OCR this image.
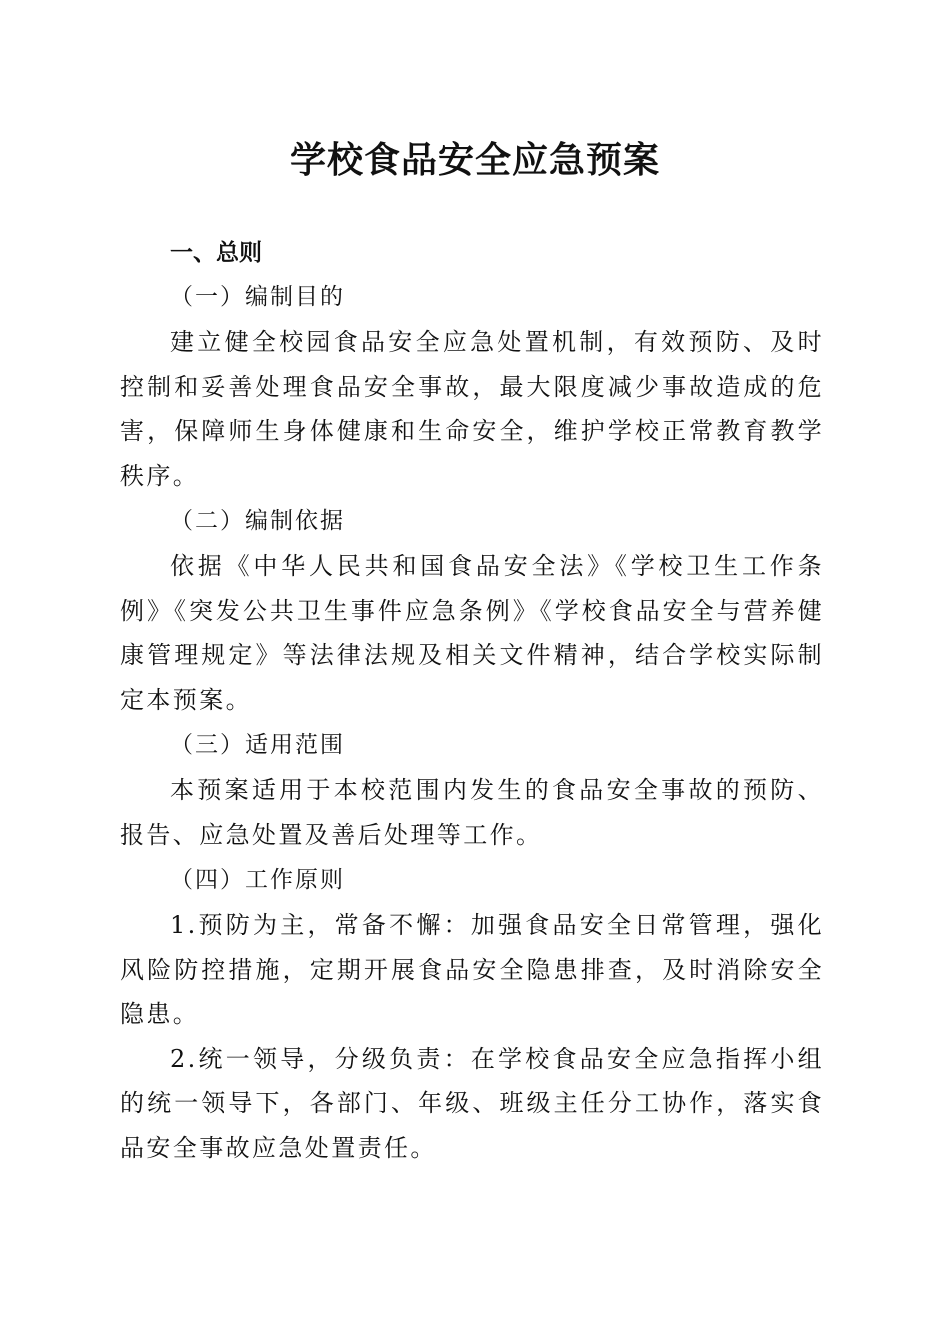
学校食品安全应急预案

一、总则

（一）编制目的

建立健全校园食品安全应急处置机制，有效预防、及时控制和妥善处理食品安全事故，最大限度减少事故造成的危害，保障师生身体健康和生命安全，维护学校正常教育教学秩序。

（二）编制依据

依据《中华人民共和国食品安全法》《学校卫生工作条例》《突发公共卫生事件应急条例》《学校食品安全与营养健康管理规定》等法律法规及相关文件精神，结合学校实际制定本预案。

（三）适用范围

本预案适用于本校范围内发生的食品安全事故的预防、报告、应急处置及善后处理等工作。

（四）工作原则

1.预防为主，常备不懈：加强食品安全日常管理，强化风险防控措施，定期开展食品安全隐患排查，及时消除安全隐患。

2.统一领导，分级负责：在学校食品安全应急指挥小组的统一领导下，各部门、年级、班级主任分工协作，落实食品安全事故应急处置责任。
